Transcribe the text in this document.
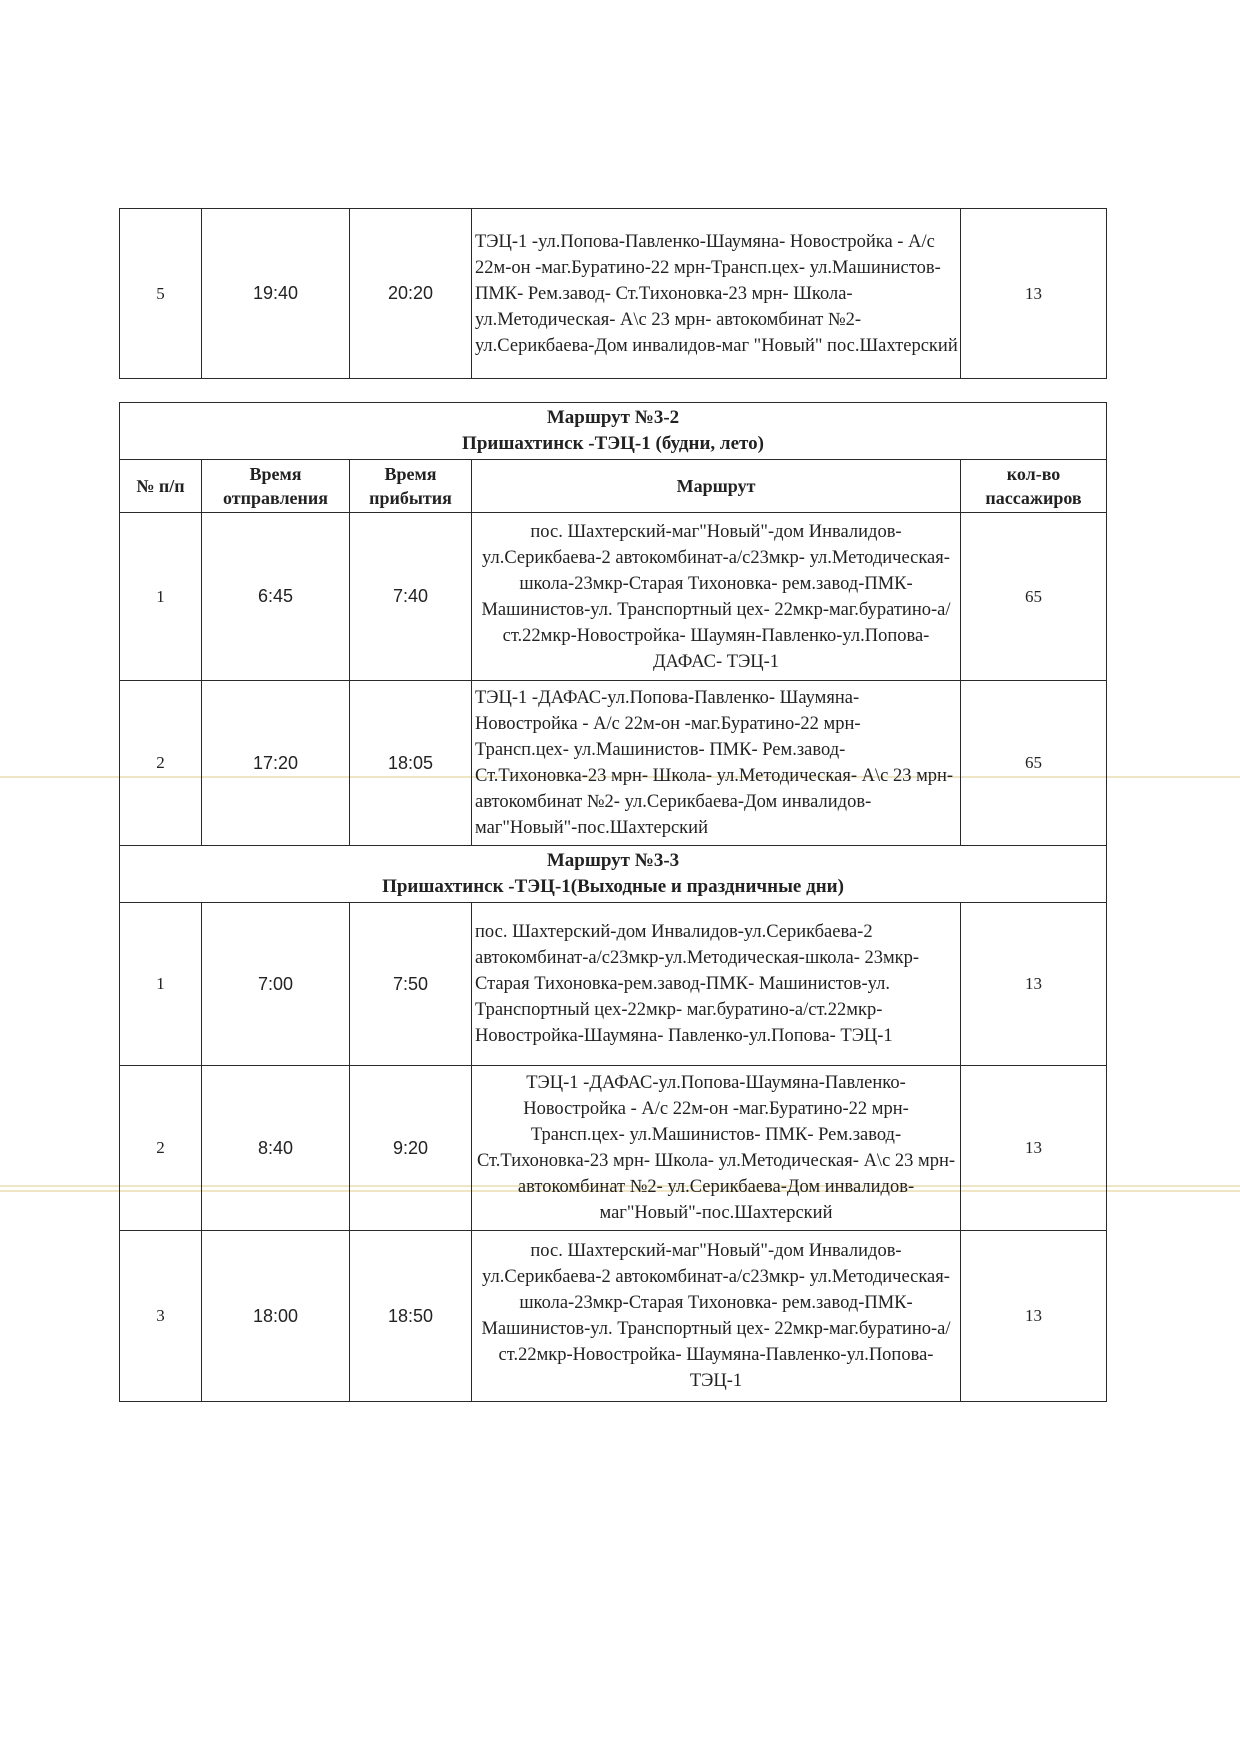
5	19:40	20:20	ТЭЦ-1 -ул.Попова-Павленко-Шаумяна- Новостройка - А/с 22м-он -маг.Буратино-22 мрн-Трансп.цех- ул.Машинистов- ПМК- Рем.завод- Ст.Тихоновка-23 мрн- Школа- ул.Методическая- А\с 23 мрн- автокомбинат №2- ул.Серикбаева-Дом инвалидов-маг "Новый" пос.Шахтерский	13
Маршрут №3-2
Пришахтинск -ТЭЦ-1 (будни, лето)				

№ п/п	Время отправления	Время прибытия	Маршрут	кол-во пассажиров
1	6:45	7:40	пос. Шахтерский-маг"Новый"-дом Инвалидов- ул.Серикбаева-2 автокомбинат-а/с23мкр- ул.Методическая-школа-23мкр-Старая Тихоновка- рем.завод-ПМК-Машинистов-ул. Транспортный цех- 22мкр-маг.буратино-а/ст.22мкр-Новостройка- Шаумян-Павленко-ул.Попова-ДАФАС- ТЭЦ-1	65
2	17:20	18:05	ТЭЦ-1 -ДАФАС-ул.Попова-Павленко- Шаумяна- Новостройка - А/с 22м-он -маг.Буратино-22 мрн- Трансп.цех- ул.Машинистов- ПМК- Рем.завод- Ст.Тихоновка-23 мрн- Школа- ул.Методическая- А\с 23 мрн-автокомбинат №2- ул.Серикбаева-Дом инвалидов- маг"Новый"-пос.Шахтерский	65

Маршрут №3-3
Пришахтинск -ТЭЦ-1(Выходные и праздничные дни)				

1	7:00	7:50	пос. Шахтерский-дом Инвалидов-ул.Серикбаева-2 автокомбинат-а/с23мкр-ул.Методическая-школа- 23мкр-Старая Тихоновка-рем.завод-ПМК- Машинистов-ул. Транспортный цех-22мкр- маг.буратино-а/ст.22мкр-Новостройка-Шаумяна- Павленко-ул.Попова- ТЭЦ-1	13
2	8:40	9:20	ТЭЦ-1 -ДАФАС-ул.Попова-Шаумяна-Павленко- Новостройка - А/с 22м-он -маг.Буратино-22 мрн- Трансп.цех- ул.Машинистов- ПМК- Рем.завод- Ст.Тихоновка-23 мрн- Школа- ул.Методическая- А\с 23 мрн-автокомбинат №2- ул.Серикбаева-Дом инвалидов- маг"Новый"-пос.Шахтерский	13
3	18:00	18:50	пос. Шахтерский-маг"Новый"-дом Инвалидов- ул.Серикбаева-2 автокомбинат-а/с23мкр- ул.Методическая-школа-23мкр-Старая Тихоновка- рем.завод-ПМК-Машинистов-ул. Транспортный цех- 22мкр-маг.буратино-а/ст.22мкр-Новостройка- Шаумяна-Павленко-ул.Попова- ТЭЦ-1	13
